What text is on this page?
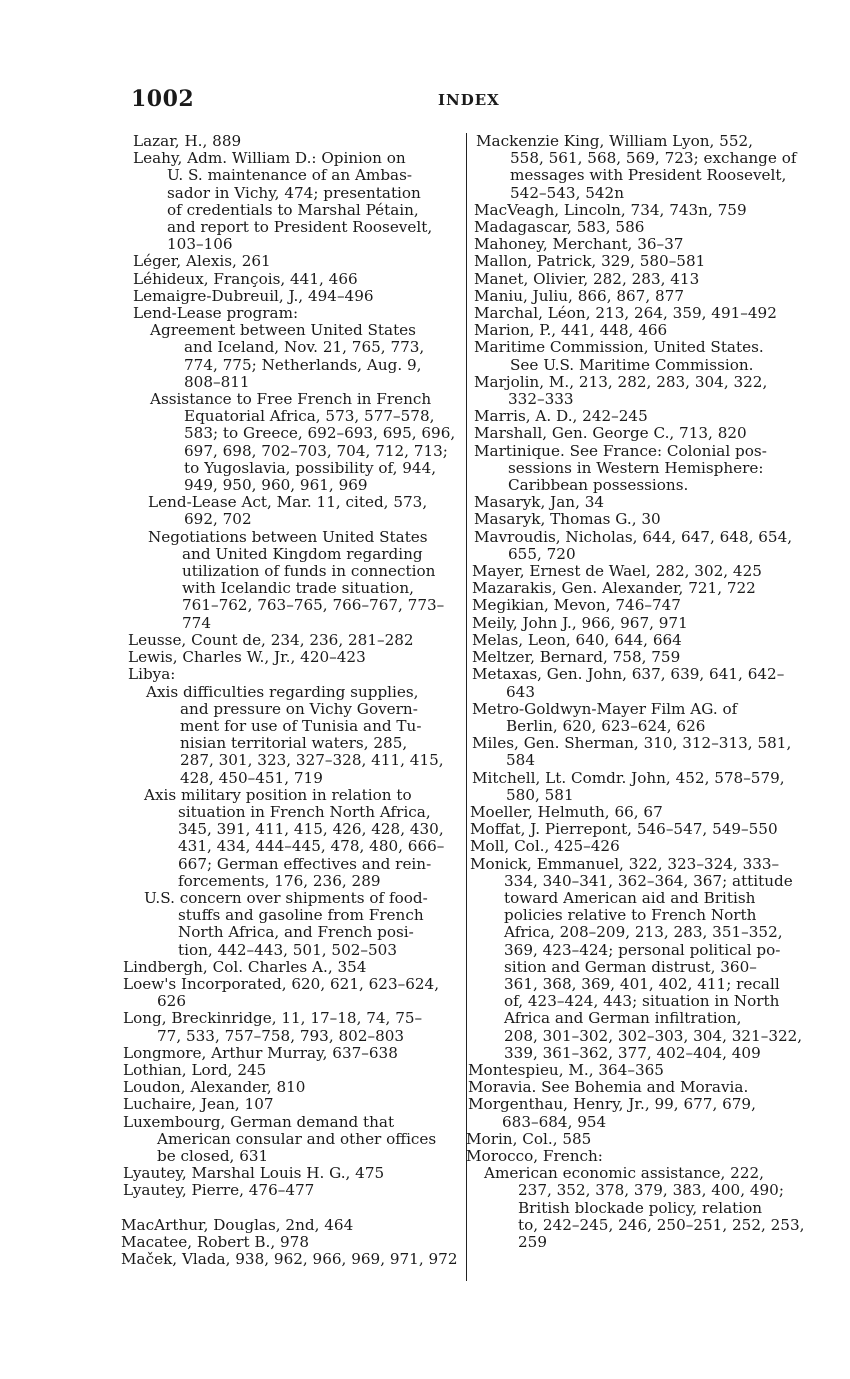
1002	INDEX
Lazar, H., 889
Leahy, Adm. William D.: Opinion on
U. S. maintenance of an Ambas-
sador in Vichy, 474; presentation
of credentials to Marshal Pétain,
and report to President Roosevelt,
103–106
Léger, Alexis, 261
Léhideux, François, 441, 466
Lemaigre-Dubreuil, J., 494–496
Lend-Lease program:
Agreement between United States
and Iceland, Nov. 21, 765, 773,
774, 775; Netherlands, Aug. 9,
808–811
Assistance to Free French in French
Equatorial Africa, 573, 577–578,
583; to Greece, 692–693, 695, 696,
697, 698, 702–703, 704, 712, 713;
to Yugoslavia, possibility of, 944,
949, 950, 960, 961, 969
Lend-Lease Act, Mar. 11, cited, 573,
692, 702
Negotiations between United States
and United Kingdom regarding
utilization of funds in connection
with Icelandic trade situation,
761–762, 763–765, 766–767, 773–
774
Leusse, Count de, 234, 236, 281–282
Lewis, Charles W., Jr., 420–423
Libya:
Axis difficulties regarding supplies,
and pressure on Vichy Govern-
ment for use of Tunisia and Tu-
nisian territorial waters, 285,
287, 301, 323, 327–328, 411, 415,
428, 450–451, 719
Axis military position in relation to
situation in French North Africa,
345, 391, 411, 415, 426, 428, 430,
431, 434, 444–445, 478, 480, 666–
667; German effectives and rein-
forcements, 176, 236, 289
U.S. concern over shipments of food-
stuffs and gasoline from French
North Africa, and French posi-
tion, 442–443, 501, 502–503
Lindbergh, Col. Charles A., 354
Loew's Incorporated, 620, 621, 623–624,
626
Long, Breckinridge, 11, 17–18, 74, 75–
77, 533, 757–758, 793, 802–803
Longmore, Arthur Murray, 637–638
Lothian, Lord, 245
Loudon, Alexander, 810
Luchaire, Jean, 107
Luxembourg, German demand that
American consular and other offices
be closed, 631
Lyautey, Marshal Louis H. G., 475
Lyautey, Pierre, 476–477
MacArthur, Douglas, 2nd, 464
Macatee, Robert B., 978
Maček, Vlada, 938, 962, 966, 969, 971, 972
Mackenzie King, William Lyon, 552,
558, 561, 568, 569, 723; exchange of
messages with President Roosevelt,
542–543, 542n
MacVeagh, Lincoln, 734, 743n, 759
Madagascar, 583, 586
Mahoney, Merchant, 36–37
Mallon, Patrick, 329, 580–581
Manet, Olivier, 282, 283, 413
Maniu, Juliu, 866, 867, 877
Marchal, Léon, 213, 264, 359, 491–492
Marion, P., 441, 448, 466
Maritime Commission, United States.
See U.S. Maritime Commission.
Marjolin, M., 213, 282, 283, 304, 322,
332–333
Marris, A. D., 242–245
Marshall, Gen. George C., 713, 820
Martinique. See France: Colonial pos-
sessions in Western Hemisphere:
Caribbean possessions.
Masaryk, Jan, 34
Masaryk, Thomas G., 30
Mavroudis, Nicholas, 644, 647, 648, 654,
655, 720
Mayer, Ernest de Wael, 282, 302, 425
Mazarakis, Gen. Alexander, 721, 722
Megikian, Mevon, 746–747
Meily, John J., 966, 967, 971
Melas, Leon, 640, 644, 664
Meltzer, Bernard, 758, 759
Metaxas, Gen. John, 637, 639, 641, 642–
643
Metro-Goldwyn-Mayer Film AG. of
Berlin, 620, 623–624, 626
Miles, Gen. Sherman, 310, 312–313, 581,
584
Mitchell, Lt. Comdr. John, 452, 578–579,
580, 581
Moeller, Helmuth, 66, 67
Moffat, J. Pierrepont, 546–547, 549–550
Moll, Col., 425–426
Monick, Emmanuel, 322, 323–324, 333–
334, 340–341, 362–364, 367; attitude
toward American aid and British
policies relative to French North
Africa, 208–209, 213, 283, 351–352,
369, 423–424; personal political po-
sition and German distrust, 360–
361, 368, 369, 401, 402, 411; recall
of, 423–424, 443; situation in North
Africa and German infiltration,
208, 301–302, 302–303, 304, 321–322,
339, 361–362, 377, 402–404, 409
Montespieu, M., 364–365
Moravia. See Bohemia and Moravia.
Morgenthau, Henry, Jr., 99, 677, 679,
683–684, 954
Morin, Col., 585
Morocco, French:
American economic assistance, 222,
237, 352, 378, 379, 383, 400, 490;
British blockade policy, relation
to, 242–245, 246, 250–251, 252, 253,
259
